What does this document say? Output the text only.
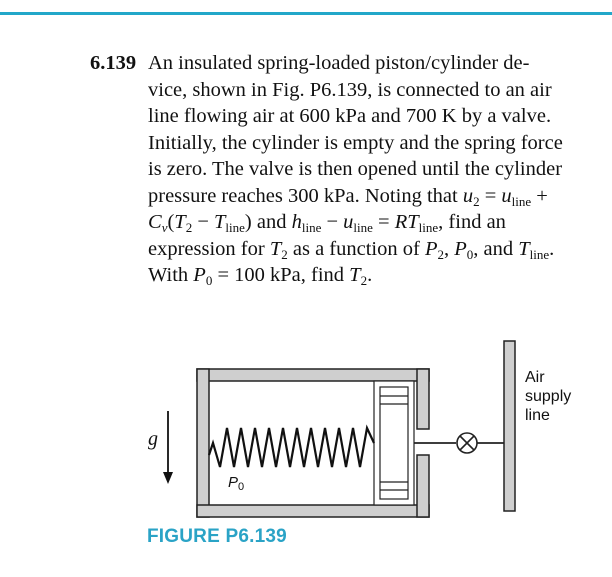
6.139 An insulated spring-loaded piston/cylinder de-
vice, shown in Fig. P6.139, is connected to an air
line flowing air at 600 kPa and 700 K by a valve.
Initially, the cylinder is empty and the spring force
is zero. The valve is then opened until the cylinder
pressure reaches 300 kPa. Noting that $u_2 = u_{line}$ +
$C_v(T_2 - T_{line})$ and $h_{line} - u_{line} = RT_{line}$, find an
expression for $T_2$ as a function of $P_2$, $P_0$, and $T_{line}$.
With $P_0 = 100$ kPa, find $T_2$.
g
$P_0$
Air
supply
line
FIGURE P6.139
